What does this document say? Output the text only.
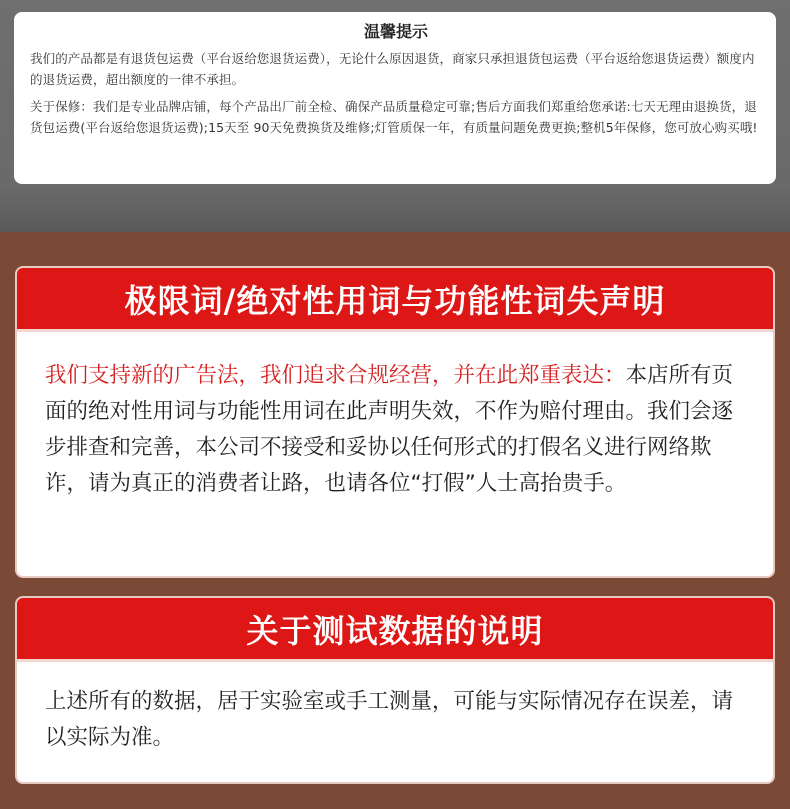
温馨提示

我们的产品都是有退货包运费（平台返给您退货运费），无论什么原因退货，商家只承担退货包运费（平台返给您退货运费）额度内的退货运费，超出额度的一律不承担。

关于保修：我们是专业品牌店铺，每个产品出厂前全检、确保产品质量稳定可靠;售后方面我们郑重给您承诺:七天无理由退换货，退货包运费(平台返给您退货运费);15天至 90天免费换货及维修;灯管质保一年，有质量问题免费更换;整机5年保修，您可放心购买哦!

极限词/绝对性用词与功能性词失声明
我们支持新的广告法，我们追求合规经营，并在此郑重表达：本店所有页面的绝对性用词与功能性用词在此声明失效，不作为赔付理由。我们会逐步排查和完善，本公司不接受和妥协以任何形式的打假名义进行网络欺诈，请为真正的消费者让路，也请各位“打假”人士高抬贵手。
关于测试数据的说明
上述所有的数据，居于实验室或手工测量，可能与实际情况存在误差，请以实际为准。
